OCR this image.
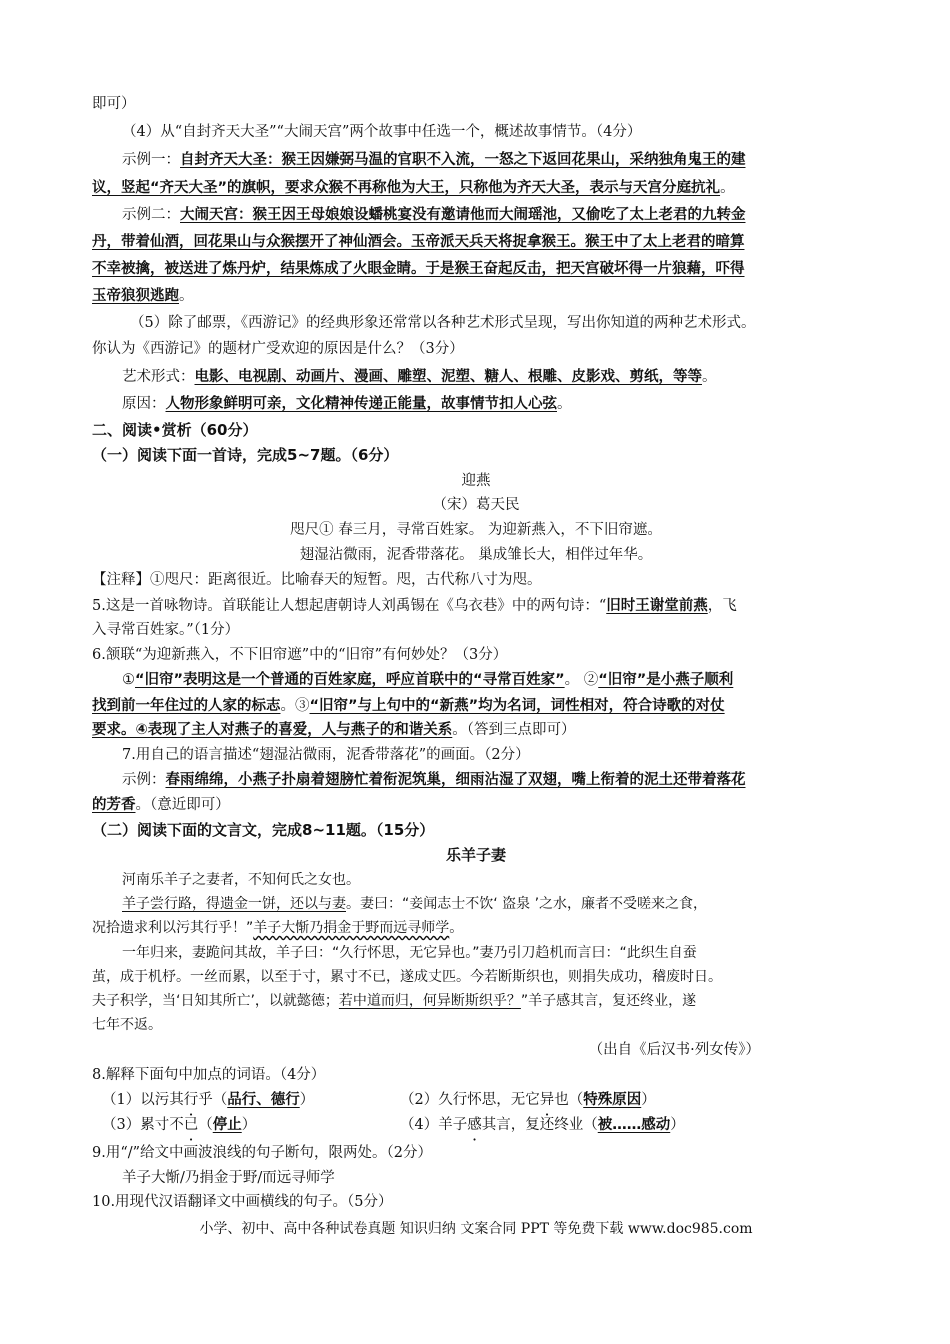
即可）
（4）从“自封齐天大圣”“大闹天宫”两个故事中任选一个，概述故事情节。（4分）
示例一：自封齐天大圣：猴王因嫌弼马温的官职不入流，一怒之下返回花果山，采纳独角鬼王的建
议，竖起“齐天大圣”的旗帜，要求众猴不再称他为大王，只称他为齐天大圣，表示与天宫分庭抗礼。
示例二：大闹天宫：猴王因王母娘娘设蟠桃宴没有邀请他而大闹瑶池，又偷吃了太上老君的九转金
丹，带着仙酒，回花果山与众猴摆开了神仙酒会。玉帝派天兵天将捉拿猴王。猴王中了太上老君的暗算
不幸被擒，被送进了炼丹炉，结果炼成了火眼金睛。于是猴王奋起反击，把天宫破坏得一片狼藉，吓得
玉帝狼狈逃跑。
（5）除了邮票，《西游记》的经典形象还常常以各种艺术形式呈现，写出你知道的两种艺术形式。
你认为《西游记》的题材广受欢迎的原因是什么？（3分）
艺术形式：电影、电视剧、动画片、漫画、雕塑、泥塑、糖人、根雕、皮影戏、剪纸，等等。
原因：人物形象鲜明可亲，文化精神传递正能量，故事情节扣人心弦。
二、阅读•赏析（60分）
（一）阅读下面一首诗，完成5~7题。（6分）
迎燕
（宋）葛天民
咫尺① 春三月，寻常百姓家。 为迎新燕入，不下旧帘遮。
翅湿沾微雨，泥香带落花。 巢成雏长大，相伴过年华。
【注释】①咫尺：距离很近。比喻春天的短暂。咫，古代称八寸为咫。
5.这是一首咏物诗。首联能让人想起唐朝诗人刘禹锡在《乌衣巷》中的两句诗：“旧时王谢堂前燕，飞
入寻常百姓家。”（1分）
6.颔联“为迎新燕入，不下旧帘遮”中的“旧帘”有何妙处？（3分）
①“旧帘”表明这是一个普通的百姓家庭，呼应首联中的“寻常百姓家”。 ②“旧帘”是小燕子顺利
找到前一年住过的人家的标志。③“旧帘”与上句中的“新燕”均为名词，词性相对，符合诗歌的对仗
要求。④表现了主人对燕子的喜爱，人与燕子的和谐关系。（答到三点即可）
7.用自己的语言描述“翅湿沾微雨，泥香带落花”的画面。（2分）
示例：春雨绵绵，小燕子扑扇着翅膀忙着衔泥筑巢，细雨沾湿了双翅，嘴上衔着的泥土还带着落花
的芳香。（意近即可）
（二）阅读下面的文言文，完成8~11题。（15分）
乐羊子妻
河南乐羊子之妻者，不知何氏之女也。
羊子尝行路，得遗金一饼，还以与妻。妻曰：“妾闻志士不饮‘ 盗泉 ’之水，廉者不受嗟来之食，
况拾遗求利以污其行乎！”羊子大惭乃捐金于野而远寻师学。
一年归来，妻跪问其故，羊子曰：“久行怀思，无它异也。”妻乃引刀趋机而言曰：“此织生自蚕
茧，成于机杼。一丝而累，以至于寸，累寸不已，遂成丈匹。今若断斯织也，则捐失成功，稽废时日。
夫子积学，当‘日知其所亡’，以就懿德；若中道而归，何异断斯织乎？”羊子感其言，复还终业，遂
七年不返。
（出自《后汉书·列女传》）
8.解释下面句中加点的词语。（4分）
（1）以污其行乎（品行、德行）	（2）久行怀思，无它异也（特殊原因）
（3）累寸不已（停止）	（4）羊子感其言，复还终业（被……感动）
9.用“/”给文中画波浪线的句子断句，限两处。（2分）
羊子大惭/乃捐金于野/而远寻师学
10.用现代汉语翻译文中画横线的句子。（5分）
小学、初中、高中各种试卷真题 知识归纳 文案合同 PPT 等免费下载 www.doc985.com
